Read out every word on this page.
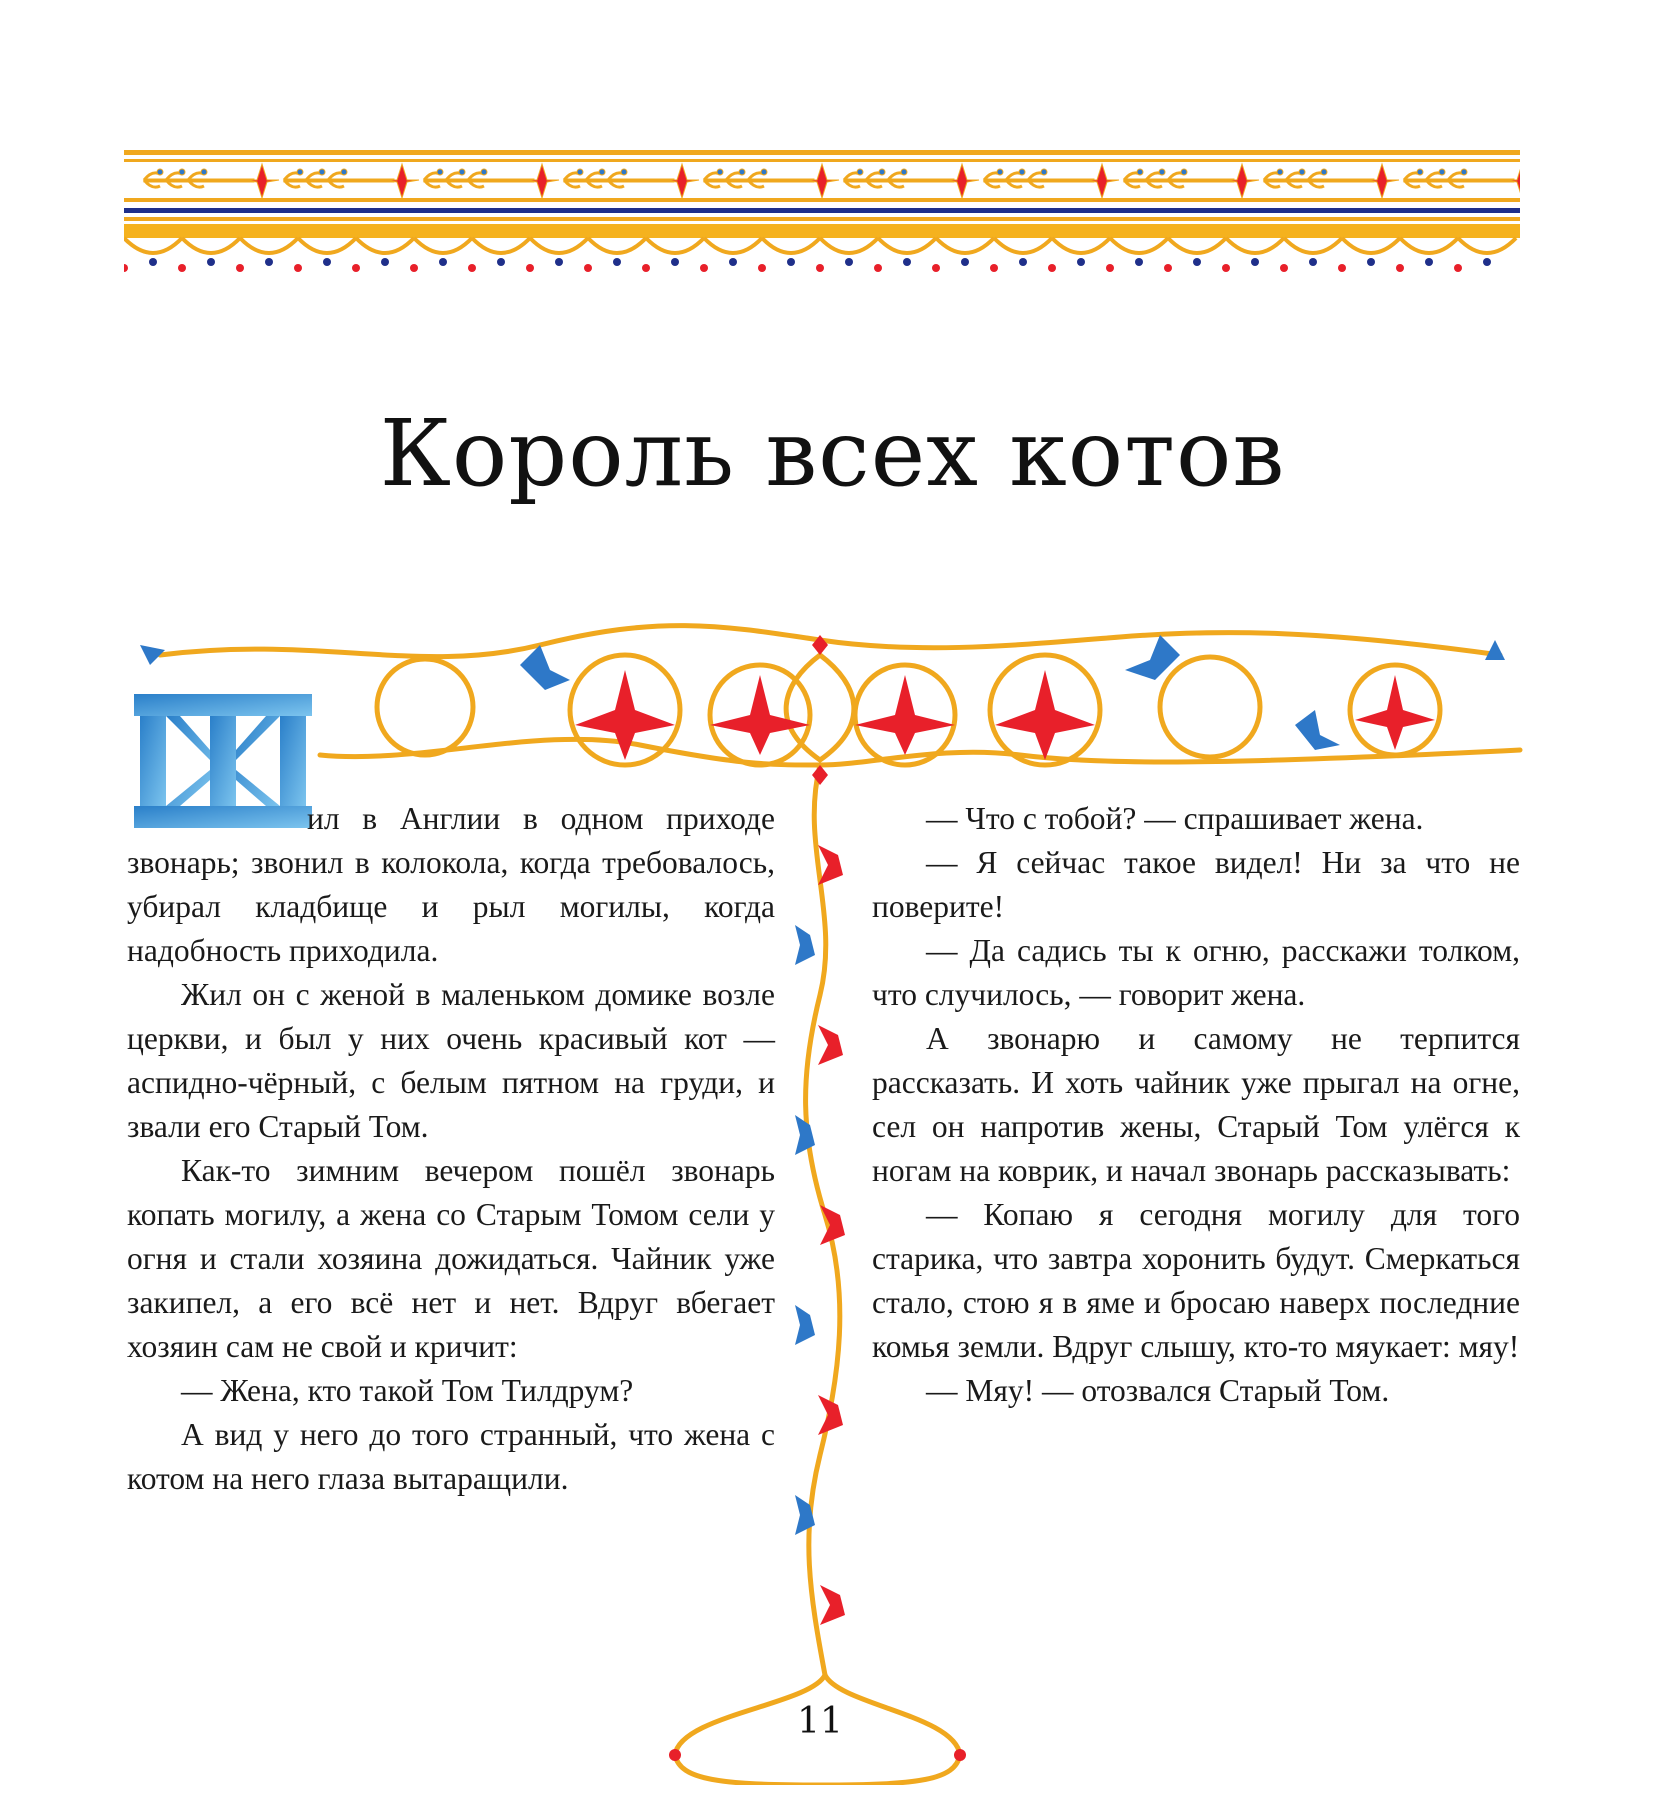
Король всех котов

ил в Англии в одном приходе звонарь; звонил в колокола, когда требовалось, убирал кладбище и рыл могилы, когда надобность приходила.

Жил он с женой в маленьком домике возле церкви, и был у них очень красивый кот — аспидно-чёрный, с белым пятном на груди, и звали его Старый Том.

Как-то зимним вечером пошёл звонарь копать могилу, а жена со Старым Томом сели у огня и стали хозяина дожидаться. Чайник уже закипел, а его всё нет и нет. Вдруг вбегает хозяин сам не свой и кричит:

— Жена, кто такой Том Тилдрум?

А вид у него до того странный, что жена с котом на него глаза вытаращили.

— Что с тобой? — спрашивает жена.

— Я сейчас такое видел! Ни за что не поверите!

— Да садись ты к огню, расскажи толком, что случилось, — говорит жена.

А звонарю и самому не терпится рассказать. И хоть чайник уже прыгал на огне, сел он напротив жены, Старый Том улёгся к ногам на коврик, и начал звонарь рассказывать:

— Копаю я сегодня могилу для того старика, что завтра хоронить будут. Смеркаться стало, стою я в яме и бросаю наверх последние комья земли. Вдруг слышу, кто-то мяукает: мяу!

— Мяу! — отозвался Старый Том.

11
